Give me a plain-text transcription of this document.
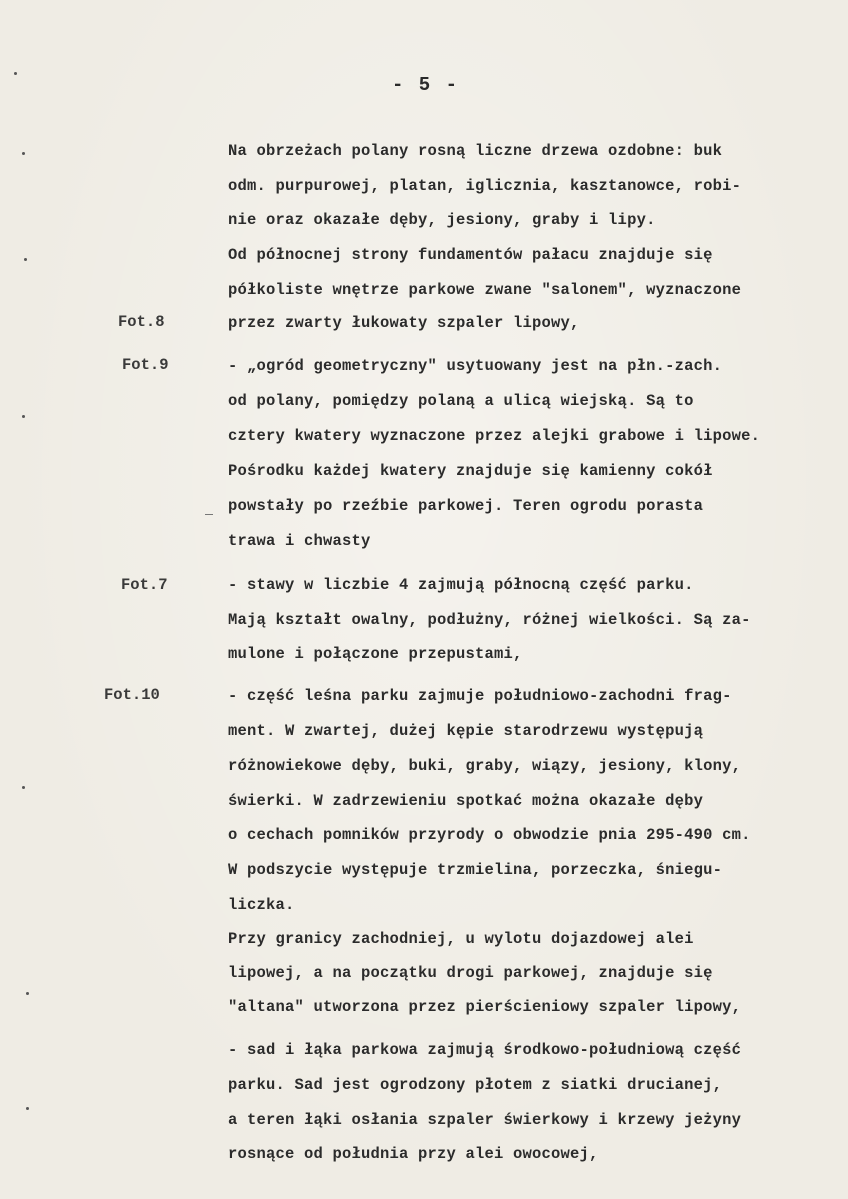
- 5 -
Fot.8
Fot.9
Fot.7
Fot.10
Na obrzeżach polany rosną liczne drzewa ozdobne: buk
odm. purpurowej, platan, iglicznia, kasztanowce, robi-
nie oraz okazałe dęby, jesiony, graby i lipy.
Od północnej strony fundamentów pałacu znajduje się
półkoliste wnętrze parkowe zwane "salonem", wyznaczone
przez zwarty łukowaty szpaler lipowy,
- „ogród geometryczny" usytuowany jest na płn.-zach.
od polany, pomiędzy polaną a ulicą wiejską. Są to
cztery kwatery wyznaczone przez alejki grabowe i lipowe.
Pośrodku każdej kwatery znajduje się kamienny cokół
powstały po rzeźbie parkowej. Teren ogrodu porasta
trawa i chwasty
- stawy w liczbie 4 zajmują północną część parku.
Mają kształt owalny, podłużny, różnej wielkości. Są za-
mulone i połączone przepustami,
- część leśna parku zajmuje południowo-zachodni frag-
ment. W zwartej, dużej kępie starodrzewu występują
różnowiekowe dęby, buki, graby, wiązy, jesiony, klony,
świerki. W zadrzewieniu spotkać można okazałe dęby
o cechach pomników przyrody o obwodzie pnia 295-490 cm.
W podszycie występuje trzmielina, porzeczka, śniegu-
liczka.
Przy granicy zachodniej, u wylotu dojazdowej alei
lipowej, a na początku drogi parkowej, znajduje się
"altana" utworzona przez pierścieniowy szpaler lipowy,
- sad i łąka parkowa zajmują środkowo-południową część
parku. Sad jest ogrodzony płotem z siatki drucianej,
a teren łąki osłania szpaler świerkowy i krzewy jeżyny
rosnące od południa przy alei owocowej,
